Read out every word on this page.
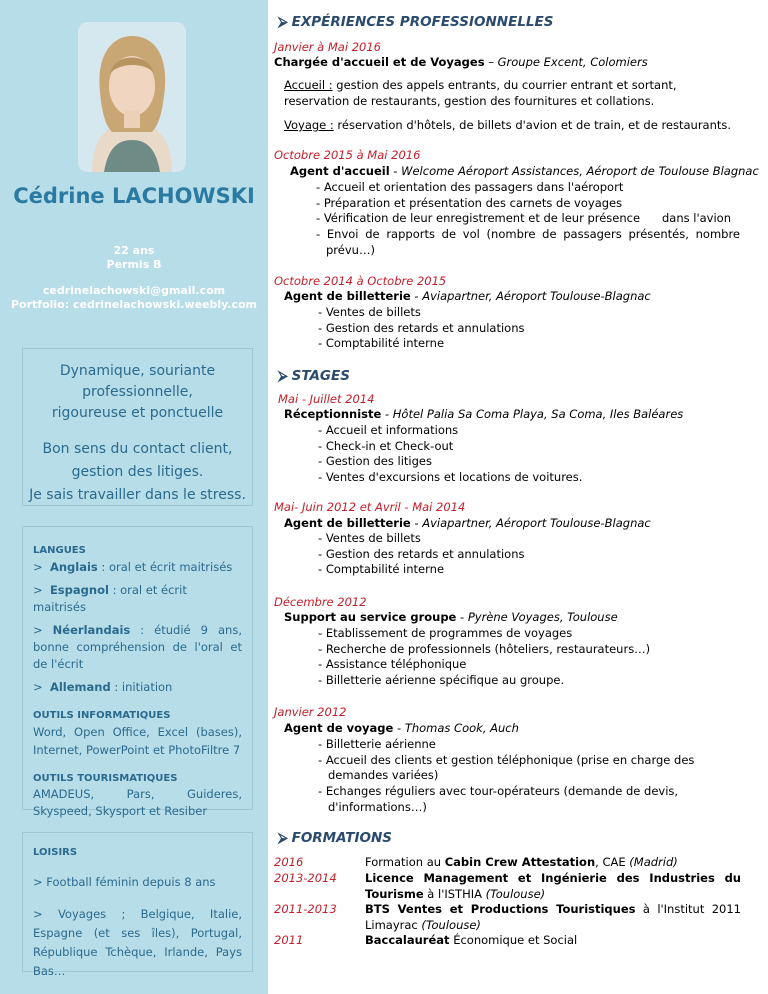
Cédrine LACHOWSKI
22 ans
Permis B
cedrinelachowski@gmail.com
Portfolio: cedrinelachowski.weebly.com
Dynamique, souriante
professionnelle,
rigoureuse et ponctuelle
Bon sens du contact client,
gestion des litiges.
Je sais travailler dans le stress.
LANGUES
> Anglais : oral et écrit maitrisés
> Espagnol : oral et écrit maitrisés
> Néerlandais : étudié 9 ans, bonne compréhension de l'oral et de l'écrit
> Allemand : initiation
OUTILS INFORMATIQUES
Word, Open Office, Excel (bases), Internet, PowerPoint et PhotoFiltre 7
OUTILS TOURISMATIQUES
AMADEUS, Pars, Guideres, Skyspeed, Skysport et Resiber
LOISIRS
> Football féminin depuis 8 ans
> Voyages ; Belgique, Italie, Espagne (et ses îles), Portugal, République Tchèque, Irlande, Pays Bas…
⮚ EXPÉRIENCES PROFESSIONNELLES
Janvier à Mai 2016
Chargée d'accueil et de Voyages – Groupe Excent, Colomiers
Accueil : gestion des appels entrants, du courrier entrant et sortant, reservation de restaurants, gestion des fournitures et collations.
Voyage : réservation d'hôtels, de billets d'avion et de train, et de restaurants.
Octobre 2015 à Mai 2016
Agent d'accueil - Welcome Aéroport Assistances, Aéroport de Toulouse Blagnac
- Accueil et orientation des passagers dans l'aéroport
- Préparation et présentation des carnets de voyages
- Vérification de leur enregistrement et de leur présence      dans l'avion
- Envoi de rapports de vol (nombre de passagers présentés, nombre prévu…)
Octobre 2014 à Octobre 2015
Agent de billetterie - Aviapartner, Aéroport Toulouse-Blagnac
- Ventes de billets
- Gestion des retards et annulations
- Comptabilité interne
⮚ STAGES
Mai - Juillet 2014
Réceptionniste - Hôtel Palia Sa Coma Playa, Sa Coma, Iles Baléares
- Accueil et informations
- Check-in et Check-out
- Gestion des litiges
- Ventes d'excursions et locations de voitures.
Mai- Juin 2012 et Avril - Mai 2014
Agent de billetterie - Aviapartner, Aéroport Toulouse-Blagnac
- Ventes de billets
- Gestion des retards et annulations
- Comptabilité interne
Décembre 2012
Support au service groupe - Pyrène Voyages, Toulouse
- Etablissement de programmes de voyages
- Recherche de professionnels (hôteliers, restaurateurs…)
- Assistance téléphonique
- Billetterie aérienne spécifique au groupe.
Janvier 2012
Agent de voyage - Thomas Cook, Auch
- Billetterie aérienne
- Accueil des clients et gestion téléphonique (prise en charge des demandes variées)
- Echanges réguliers avec tour-opérateurs (demande de devis, d'informations…)
⮚ FORMATIONS
2016	Formation au Cabin Crew Attestation, CAE (Madrid)
2013-2014 Licence Management et Ingénierie des Industries du Tourisme à l'ISTHIA (Toulouse)
2011-2013 BTS Ventes et Productions Touristiques à l'Institut 2011 Limayrac (Toulouse)
2011	Baccalauréat Économique et Social
